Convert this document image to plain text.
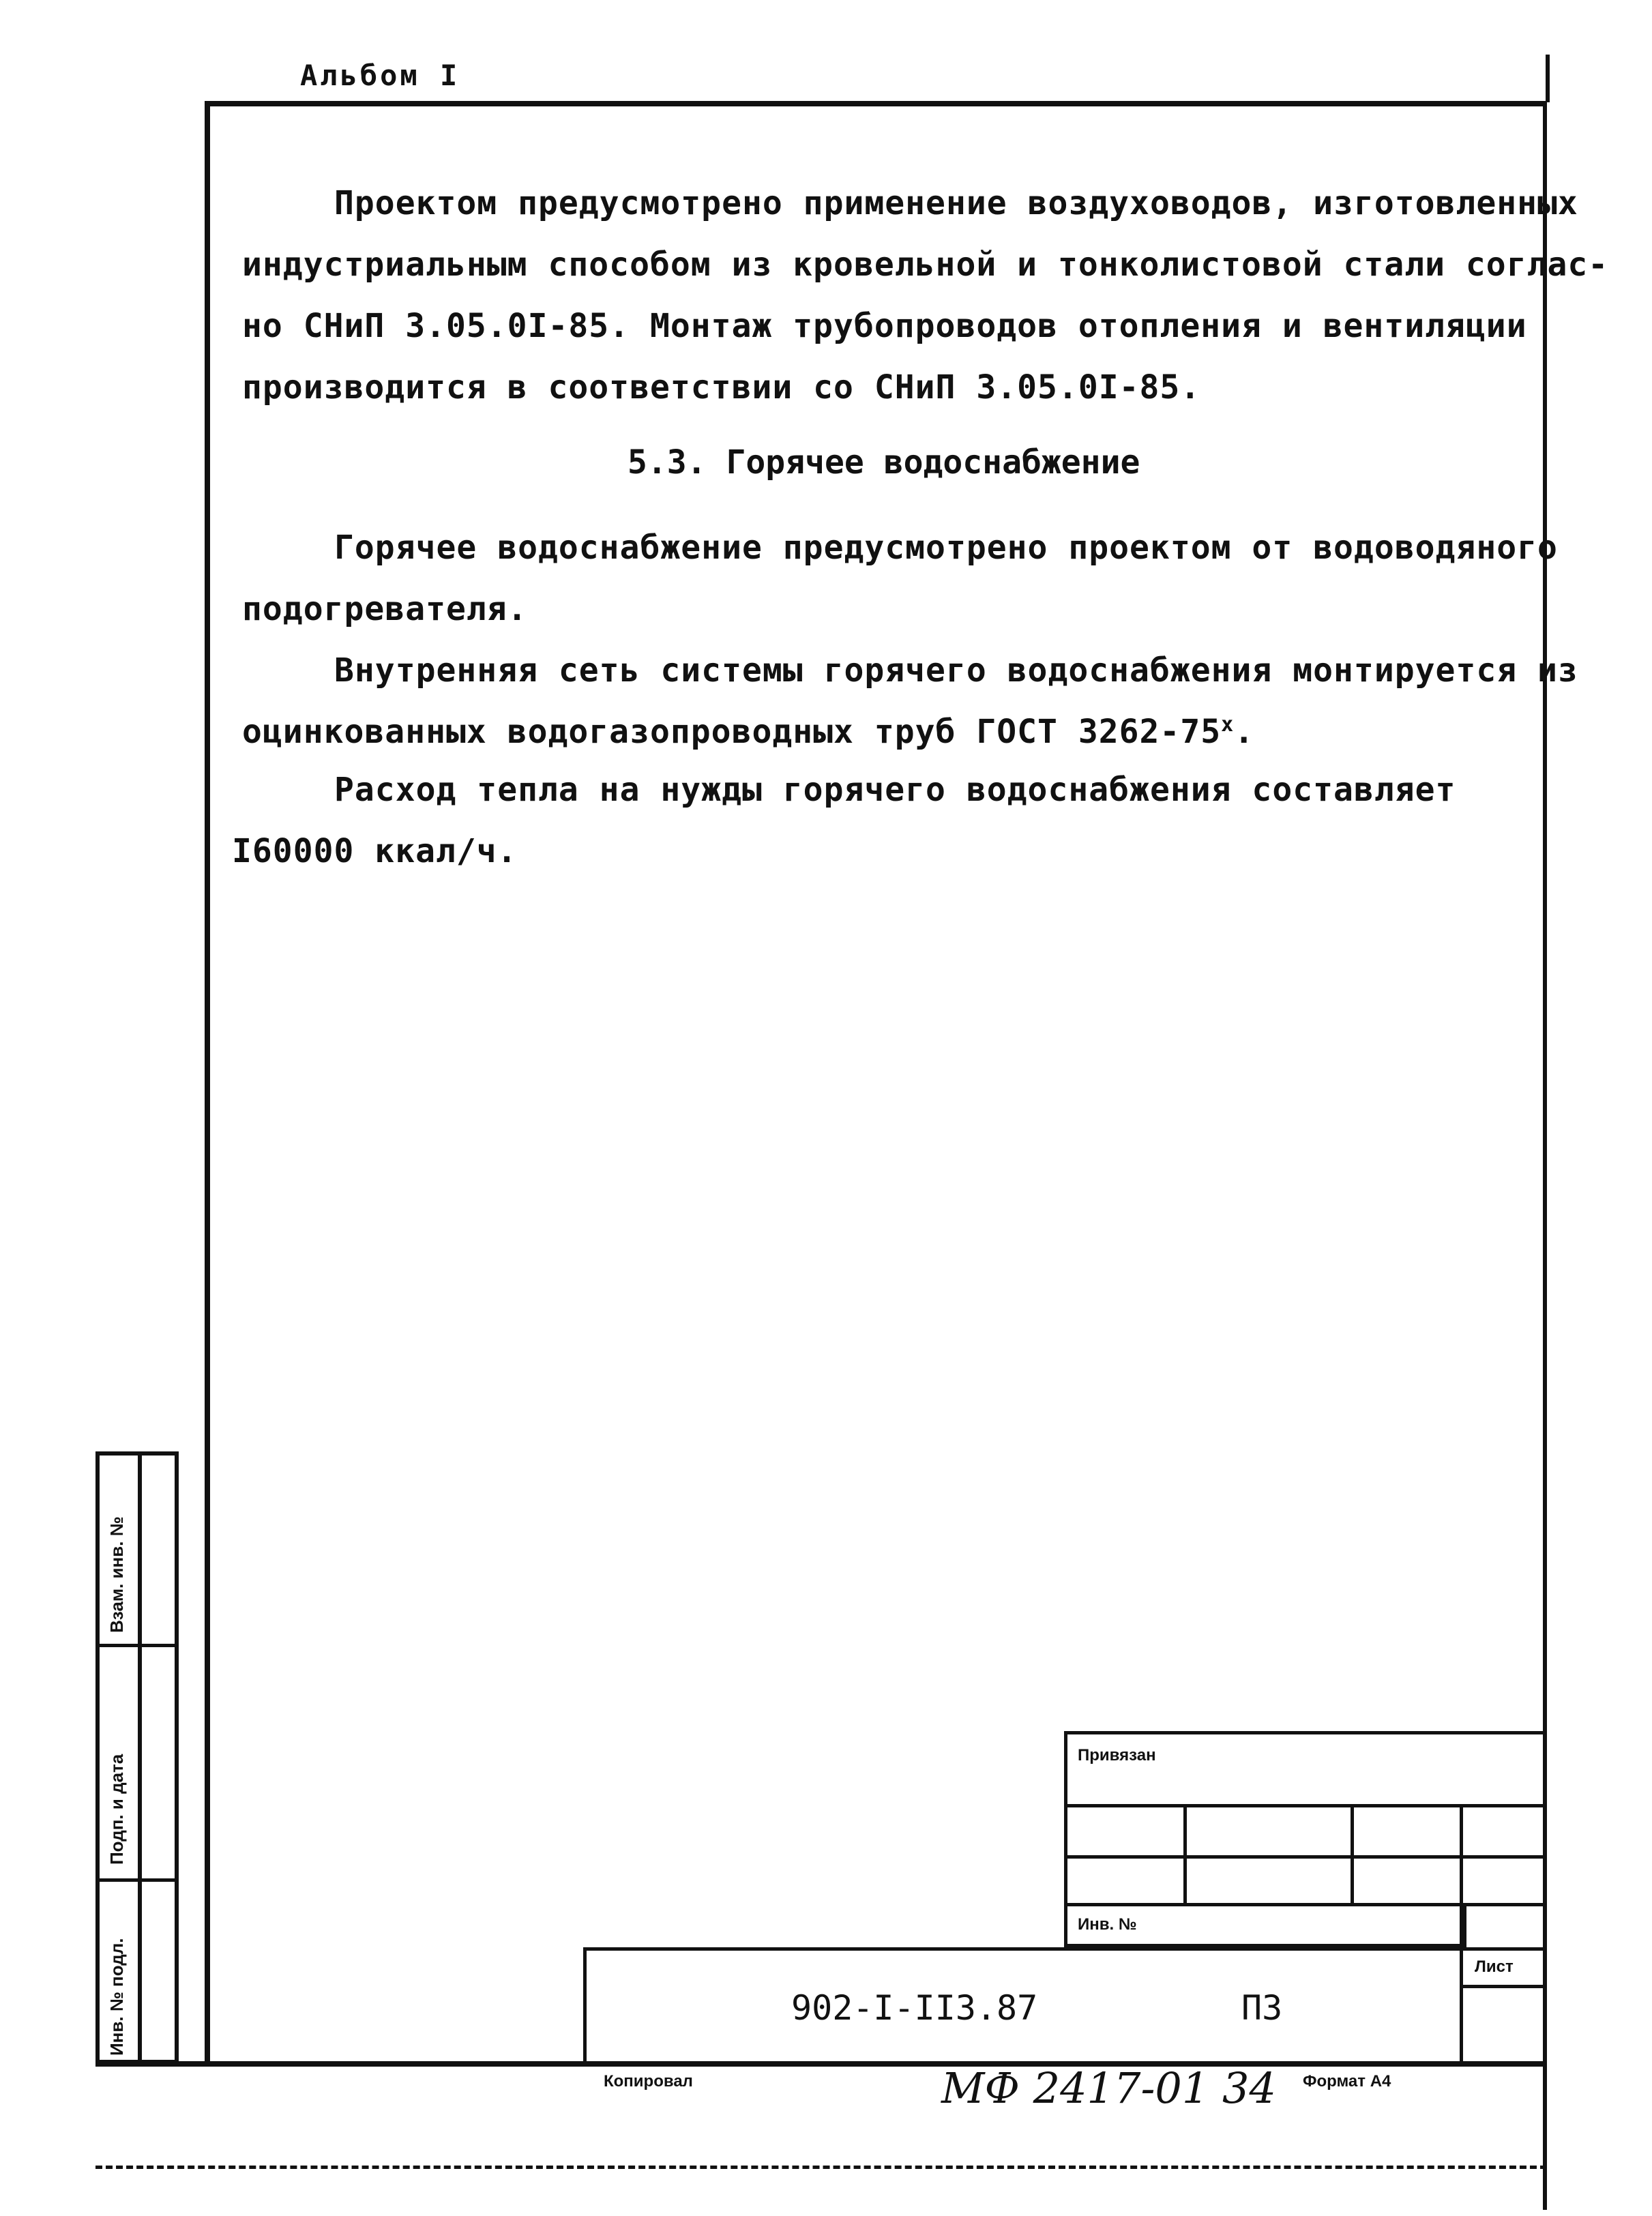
Альбом I
Проектом предусмотрено применение воздуховодов, изготовленных
индустриальным способом из кровельной и тонколистовой стали соглас-
но СНиП 3.05.0I-85. Монтаж трубопроводов отопления и вентиляции
производится в соответствии со СНиП 3.05.0I-85.
5.3. Горячее водоснабжение
Горячее водоснабжение предусмотрено проектом от водоводяного
подогревателя.
Внутренняя сеть системы горячего водоснабжения монтируется из
оцинкованных водогазопроводных труб ГОСТ $3262-75^х$.
Расход тепла на нужды горячего водоснабжения составляет
I60000 ккал/ч.
Взам. инв. №
Подп. и дата
Инв. № подл.
Привязан
Инв. №
Лист
902-I-II3.87	ПЗ
Копировал	МФ 2417-01 34 Формат А4
